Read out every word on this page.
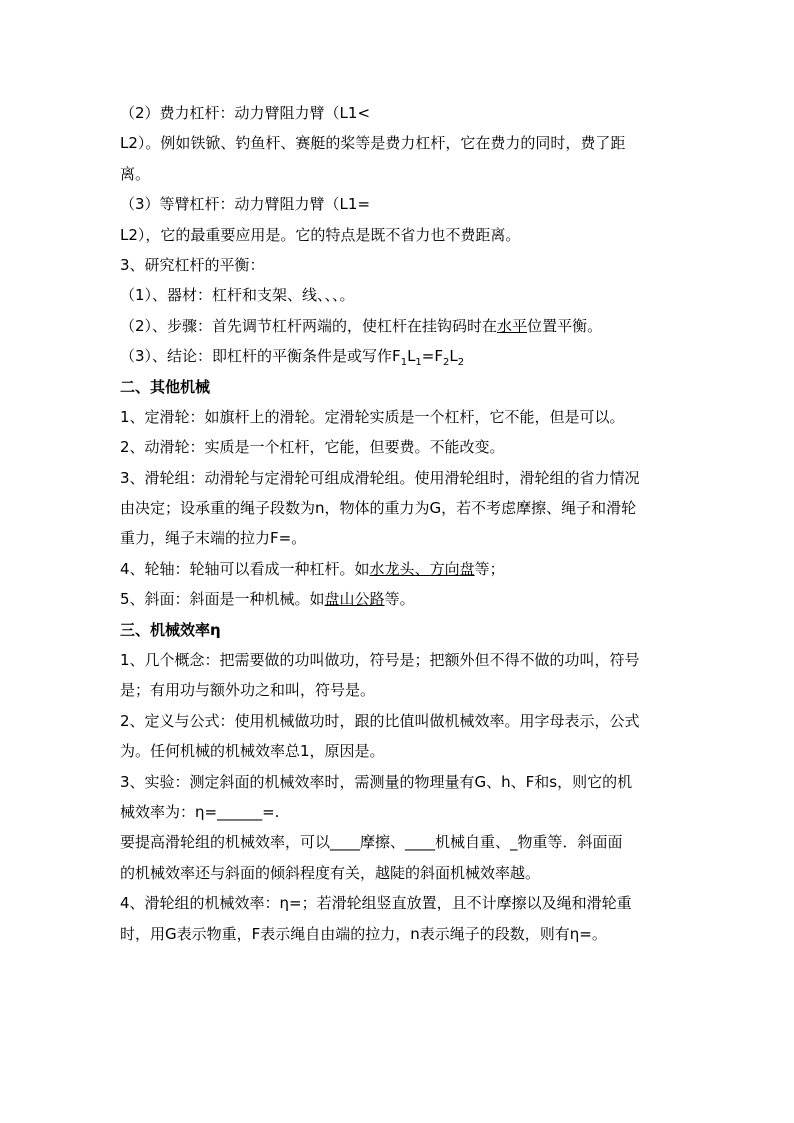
（2）费力杠杆：动力臂阻力臂（L1<
L2）。例如铁锨、钓鱼杆、赛艇的桨等是费力杠杆，它在费力的同时，费了距
离。
（3）等臂杠杆：动力臂阻力臂（L1=
L2），它的最重要应用是。它的特点是既不省力也不费距离。
3、研究杠杆的平衡：
（1）、器材：杠杆和支架、线、、、。
（2）、步骤：首先调节杠杆两端的，使杠杆在挂钩码时在水平位置平衡。
（3）、结论：即杠杆的平衡条件是或写作$F_1L_1=F_2L_2$
二、其他机械
1、定滑轮：如旗杆上的滑轮。定滑轮实质是一个杠杆，它不能，但是可以。
2、动滑轮：实质是一个杠杆，它能，但要费。不能改变。
3、滑轮组：动滑轮与定滑轮可组成滑轮组。使用滑轮组时，滑轮组的省力情况
由决定；设承重的绳子段数为n，物体的重力为G，若不考虑摩擦、绳子和滑轮
重力，绳子末端的拉力F=。
4、轮轴：轮轴可以看成一种杠杆。如水龙头、方向盘等；
5、斜面：斜面是一种机械。如盘山公路等。
三、机械效率η
1、几个概念：把需要做的功叫做功，符号是；把额外但不得不做的功叫，符号
是；有用功与额外功之和叫，符号是。
2、定义与公式：使用机械做功时，跟的比值叫做机械效率。用字母表示，公式
为。任何机械的机械效率总1，原因是。
3、实验：测定斜面的机械效率时，需测量的物理量有G、h、F和s，则它的机
械效率为：η=______=.
要提高滑轮组的机械效率，可以____摩擦、____机械自重、_物重等．斜面面
的机械效率还与斜面的倾斜程度有关，越陡的斜面机械效率越。
4、滑轮组的机械效率：η=；若滑轮组竖直放置，且不计摩擦以及绳和滑轮重
时，用G表示物重，F表示绳自由端的拉力，n表示绳子的段数，则有η=。
